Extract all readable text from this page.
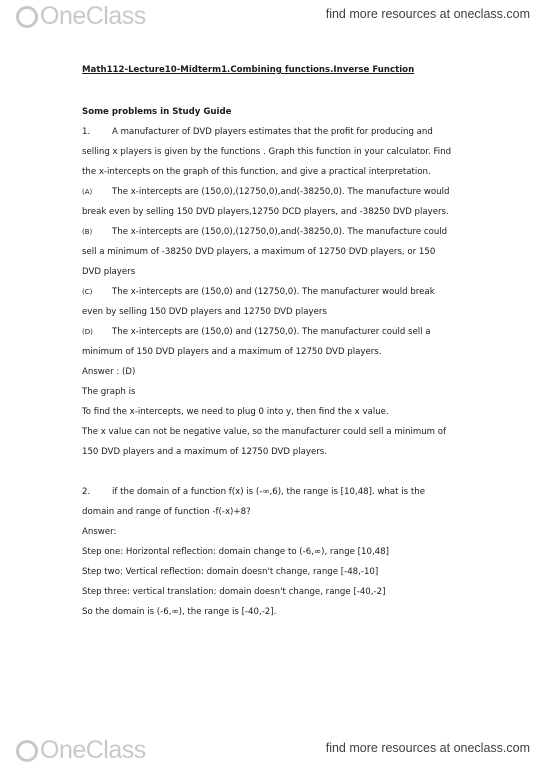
OneClass	find more resources at oneclass.com

Math112-Lecture10-Midterm1.Combining functions.Inverse Function

Some problems in Study Guide

1.	A manufacturer of DVD players estimates that the profit for producing and

selling x players is given by the functions . Graph this function in your calculator. Find

the x-intercepts on the graph of this function, and give a practical interpretation.

(A) The x-intercepts are (150,0),(12750,0),and(-38250,0). The manufacture would

break even by selling 150 DVD players,12750 DCD players, and -38250 DVD players.

(B) The x-intercepts are (150,0),(12750,0),and(-38250,0). The manufacture could

sell a minimum of -38250 DVD players, a maximum of 12750 DVD players, or 150

DVD players

(C) The x-intercepts are (150,0) and (12750,0). The manufacturer would break

even by selling 150 DVD players and 12750 DVD players

(D) The x-intercepts are (150,0) and (12750,0). The manufacturer could sell a

minimum of 150 DVD players and a maximum of 12750 DVD players.

Answer : (D)

The graph is

To find the x-intercepts, we need to plug 0 into y, then find the x value.

The x value can not be negative value, so the manufacturer could sell a minimum of

150 DVD players and a maximum of 12750 DVD players.

2.	if the domain of a function f(x) is (-∞,6), the range is [10,48]. what is the

domain and range of function -f(-x)+8?

Answer:

Step one: Horizontal reflection: domain change to (-6,∞), range [10,48]

Step two: Vertical reflection: domain doesn't change, range [-48,-10]

Step three: vertical translation: domain doesn't change, range [-40,-2]

So the domain is (-6,∞), the range is [-40,-2].

OneClass	find more resources at oneclass.com
